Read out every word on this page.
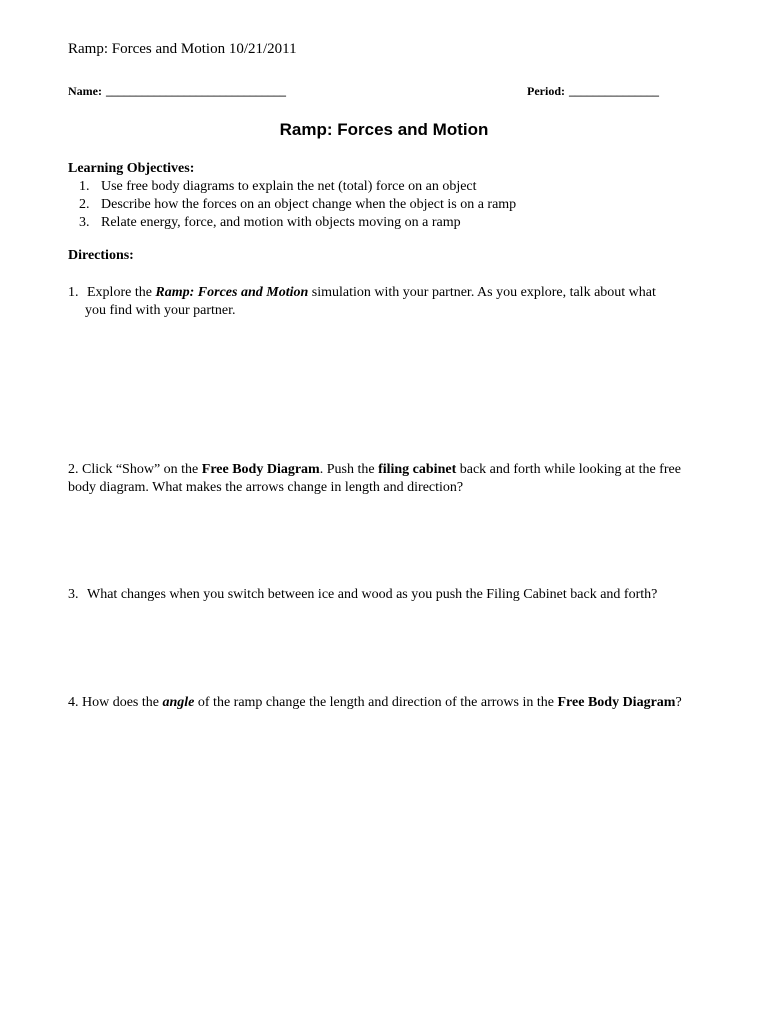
Ramp: Forces and Motion 10/21/2011
Name: ______________________________	Period: _______________
Ramp: Forces and Motion
Learning Objectives:
1. Use free body diagrams to explain the net (total) force on an object
2. Describe how the forces on an object change when the object is on a ramp
3. Relate energy, force, and motion with objects moving on a ramp
Directions:
1. Explore the Ramp: Forces and Motion simulation with your partner. As you explore, talk about what
you find with your partner.
2. Click “Show” on the Free Body Diagram. Push the filing cabinet back and forth while looking at the free body diagram. What makes the arrows change in length and direction?
3. What changes when you switch between ice and wood as you push the Filing Cabinet back and forth?
4. How does the angle of the ramp change the length and direction of the arrows in the Free Body Diagram?
